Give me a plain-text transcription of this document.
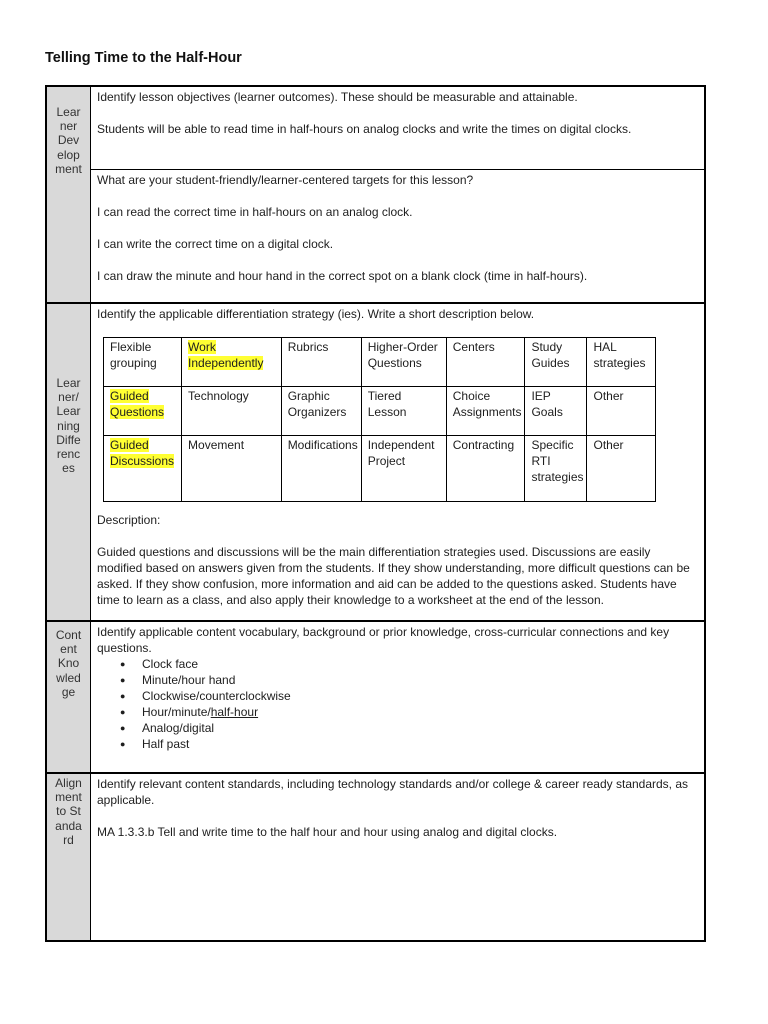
Telling Time to the Half-Hour
Learner Development

Identify lesson objectives (learner outcomes). These should be measurable and attainable.

Students will be able to read time in half-hours on analog clocks and write the times on digital clocks.

What are your student-friendly/learner-centered targets for this lesson?

I can read the correct time in half-hours on an analog clock.

I can write the correct time on a digital clock.

I can draw the minute and hour hand in the correct spot on a blank clock (time in half-hours).

Learner/Learning Differences

Identify the applicable differentiation strategy (ies). Write a short description below.

Flexible grouping	Work Independently	Rubrics	Higher-Order Questions	Centers	Study Guides	HAL strategies
Guided Questions	Technology	Graphic Organizers	Tiered Lesson	Choice Assignments	IEP Goals	Other
Guided Discussions	Movement	Modifications	Independent Project	Contracting	Specific RTI strategies	Other

Description:

Guided questions and discussions will be the main differentiation strategies used. Discussions are easily modified based on answers given from the students. If they show understanding, more difficult questions can be asked. If they show confusion, more information and aid can be added to the questions asked. Students have time to learn as a class, and also apply their knowledge to a worksheet at the end of the lesson.

Content Knowledge

Identify applicable content vocabulary, background or prior knowledge, cross-curricular connections and key questions.

● Clock face
● Minute/hour hand
● Clockwise/counterclockwise
● Hour/minute/half-hour
● Analog/digital
● Half past
Alignment to Standard

Identify relevant content standards, including technology standards and/or college & career ready standards, as applicable.

MA 1.3.3.b Tell and write time to the half hour and hour using analog and digital clocks.
